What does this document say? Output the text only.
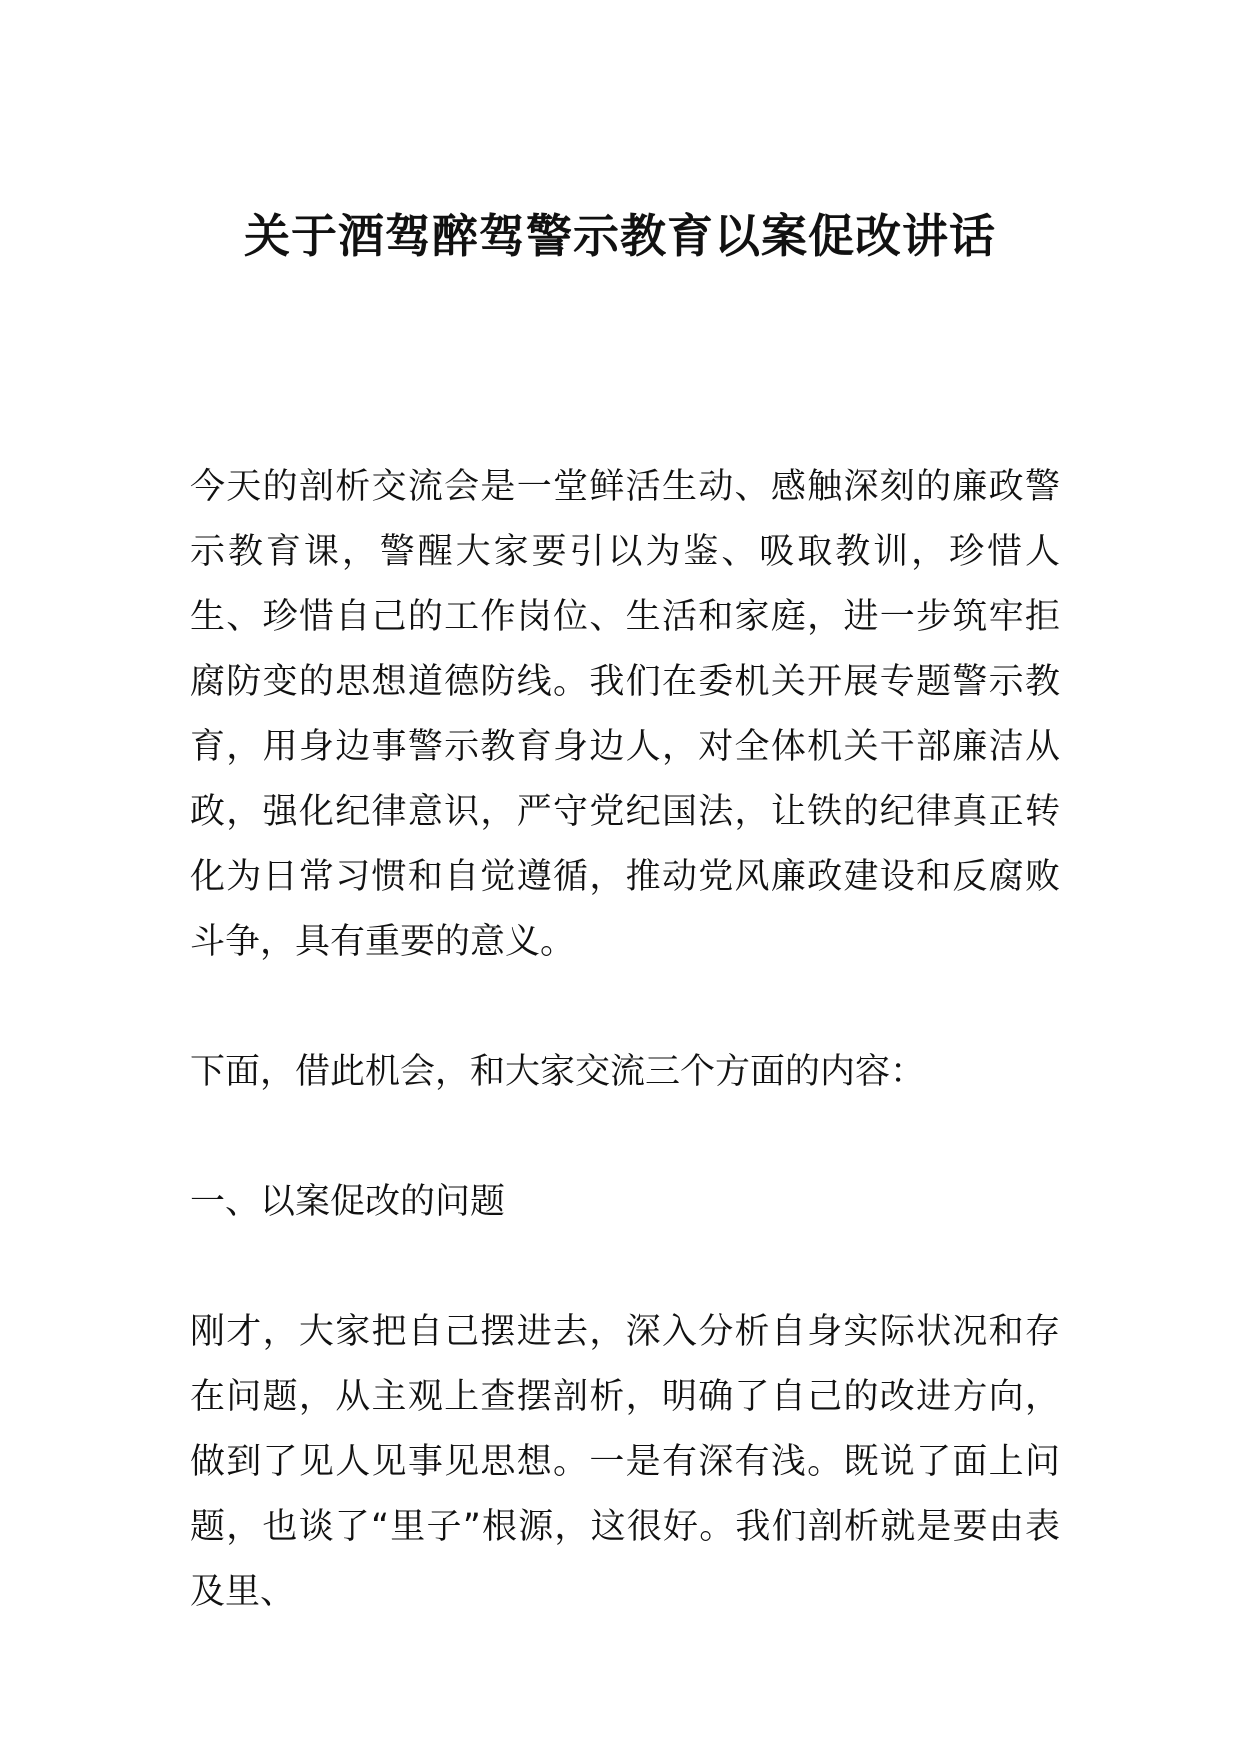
关于酒驾醉驾警示教育以案促改讲话

今天的剖析交流会是一堂鲜活生动、感触深刻的廉政警示教育课，警醒大家要引以为鉴、吸取教训，珍惜人生、珍惜自己的工作岗位、生活和家庭，进一步筑牢拒腐防变的思想道德防线。我们在委机关开展专题警示教育，用身边事警示教育身边人，对全体机关干部廉洁从政，强化纪律意识，严守党纪国法，让铁的纪律真正转化为日常习惯和自觉遵循，推动党风廉政建设和反腐败斗争，具有重要的意义。

下面，借此机会，和大家交流三个方面的内容：

一、以案促改的问题

刚才，大家把自己摆进去，深入分析自身实际状况和存在问题，从主观上查摆剖析，明确了自己的改进方向，做到了见人见事见思想。一是有深有浅。既说了面上问题，也谈了“里子”根源，这很好。我们剖析就是要由表及里、
